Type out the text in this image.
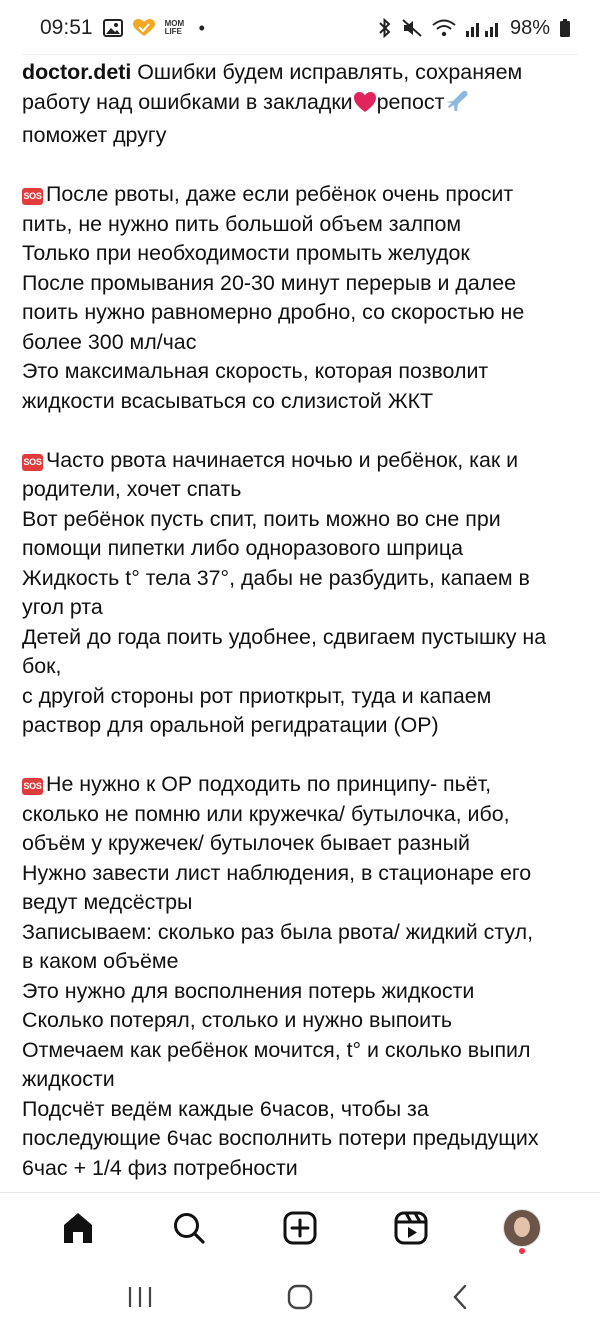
09:51	MOM LIFE •	98%
doctor.deti Ошибки будем исправлять, сохраняем
работу над ошибками в закладки репост
поможет другу
SOS После рвоты, даже если ребёнок очень просит
пить, не нужно пить большой объем залпом
Только при необходимости промыть желудок
После промывания 20-30 минут перерыв и далее
поить нужно равномерно дробно, со скоростью не
более 300 мл/час
Это максимальная скорость, которая позволит
жидкости всасываться со слизистой ЖКТ
SOS Часто рвота начинается ночью и ребёнок, как и
родители, хочет спать
Вот ребёнок пусть спит, поить можно во сне при
помощи пипетки либо одноразового шприца
Жидкость t° тела 37°, дабы не разбудить, капаем в
угол рта
Детей до года поить удобнее, сдвигаем пустышку на
бок,
с другой стороны рот приоткрыт, туда и капаем
раствор для оральной регидратации (ОР)
SOS Не нужно к ОР подходить по принципу- пьёт,
сколько не помню или кружечка/ бутылочка, ибо,
объём у кружечек/ бутылочек бывает разный
Нужно завести лист наблюдения, в стационаре его
ведут медсёстры
Записываем: сколько раз была рвота/ жидкий стул,
в каком объёме
Это нужно для восполнения потерь жидкости
Сколько потерял, столько и нужно выпоить
Отмечаем как ребёнок мочится, t° и сколько выпил
жидкости
Подсчёт ведём каждые 6часов, чтобы за
последующие 6час восполнить потери предыдущих
6час + 1/4 физ потребности
